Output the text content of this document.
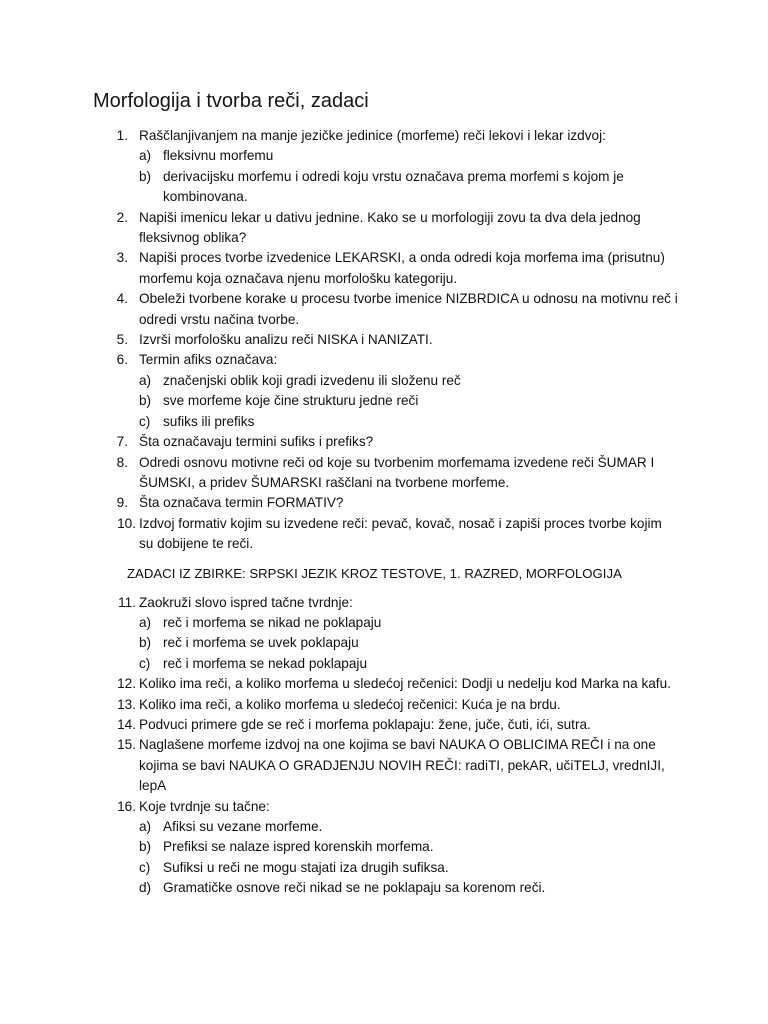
Morfologija i tvorba reči, zadaci
1. Raščlanjivanjem na manje jezičke jedinice (morfeme) reči lekovi i lekar izdvoj:
a) fleksivnu morfemu
b) derivacijsku morfemu i odredi koju vrstu označava prema morfemi s kojom je kombinovana.
2. Napiši imenicu lekar u dativu jednine. Kako se u morfologiji zovu ta dva dela jednog fleksivnog oblika?
3. Napiši proces tvorbe izvedenice LEKARSKI, a onda odredi koja morfema ima (prisutnu) morfemu koja označava njenu morfološku kategoriju.
4. Obeleži tvorbene korake u procesu tvorbe imenice NIZBRDICA u odnosu na motivnu reč i odredi vrstu načina tvorbe.
5. Izvrši morfološku analizu reči NISKA i NANIZATI.
6. Termin afiks označava:
a) značenjski oblik koji gradi izvedenu ili složenu reč
b) sve morfeme koje čine strukturu jedne reči
c) sufiks ili prefiks
7. Šta označavaju termini sufiks i prefiks?
8. Odredi osnovu motivne reči od koje su tvorbenim morfemama izvedene reči ŠUMAR I ŠUMSKI, a pridev ŠUMARSKI raščlani na tvorbene morfeme.
9. Šta označava termin FORMATIV?
10. Izdvoj formativ kojim su izvedene reči: pevač, kovač, nosač i zapiši proces tvorbe kojim su dobijene te reči.
ZADACI IZ ZBIRKE: SRPSKI JEZIK KROZ TESTOVE, 1. RAZRED, MORFOLOGIJA
11. Zaokruži slovo ispred tačne tvrdnje:
a) reč i morfema se nikad ne poklapaju
b) reč i morfema se uvek poklapaju
c) reč i morfema se nekad poklapaju
12. Koliko ima reči, a koliko morfema u sledećoj rečenici: Dodji u nedelju kod Marka na kafu.
13. Koliko ima reči, a koliko morfema u sledećoj rečenici: Kuća je na brdu.
14. Podvuci primere gde se reč i morfema poklapaju: žene, juče, čuti, ići, sutra.
15. Naglašene morfeme izdvoj na one kojima se bavi NAUKA O OBLICIMA REČI i na one kojima se bavi NAUKA O GRADJENJU NOVIH REČI: radiTI, pekAR, učiTELJ, vrednIJI, lepA
16. Koje tvrdnje su tačne:
a) Afiksi su vezane morfeme.
b) Prefiksi se nalaze ispred korenskih morfema.
c) Sufiksi u reči ne mogu stajati iza drugih sufiksa.
d) Gramatičke osnove reči nikad se ne poklapaju sa korenom reči.
